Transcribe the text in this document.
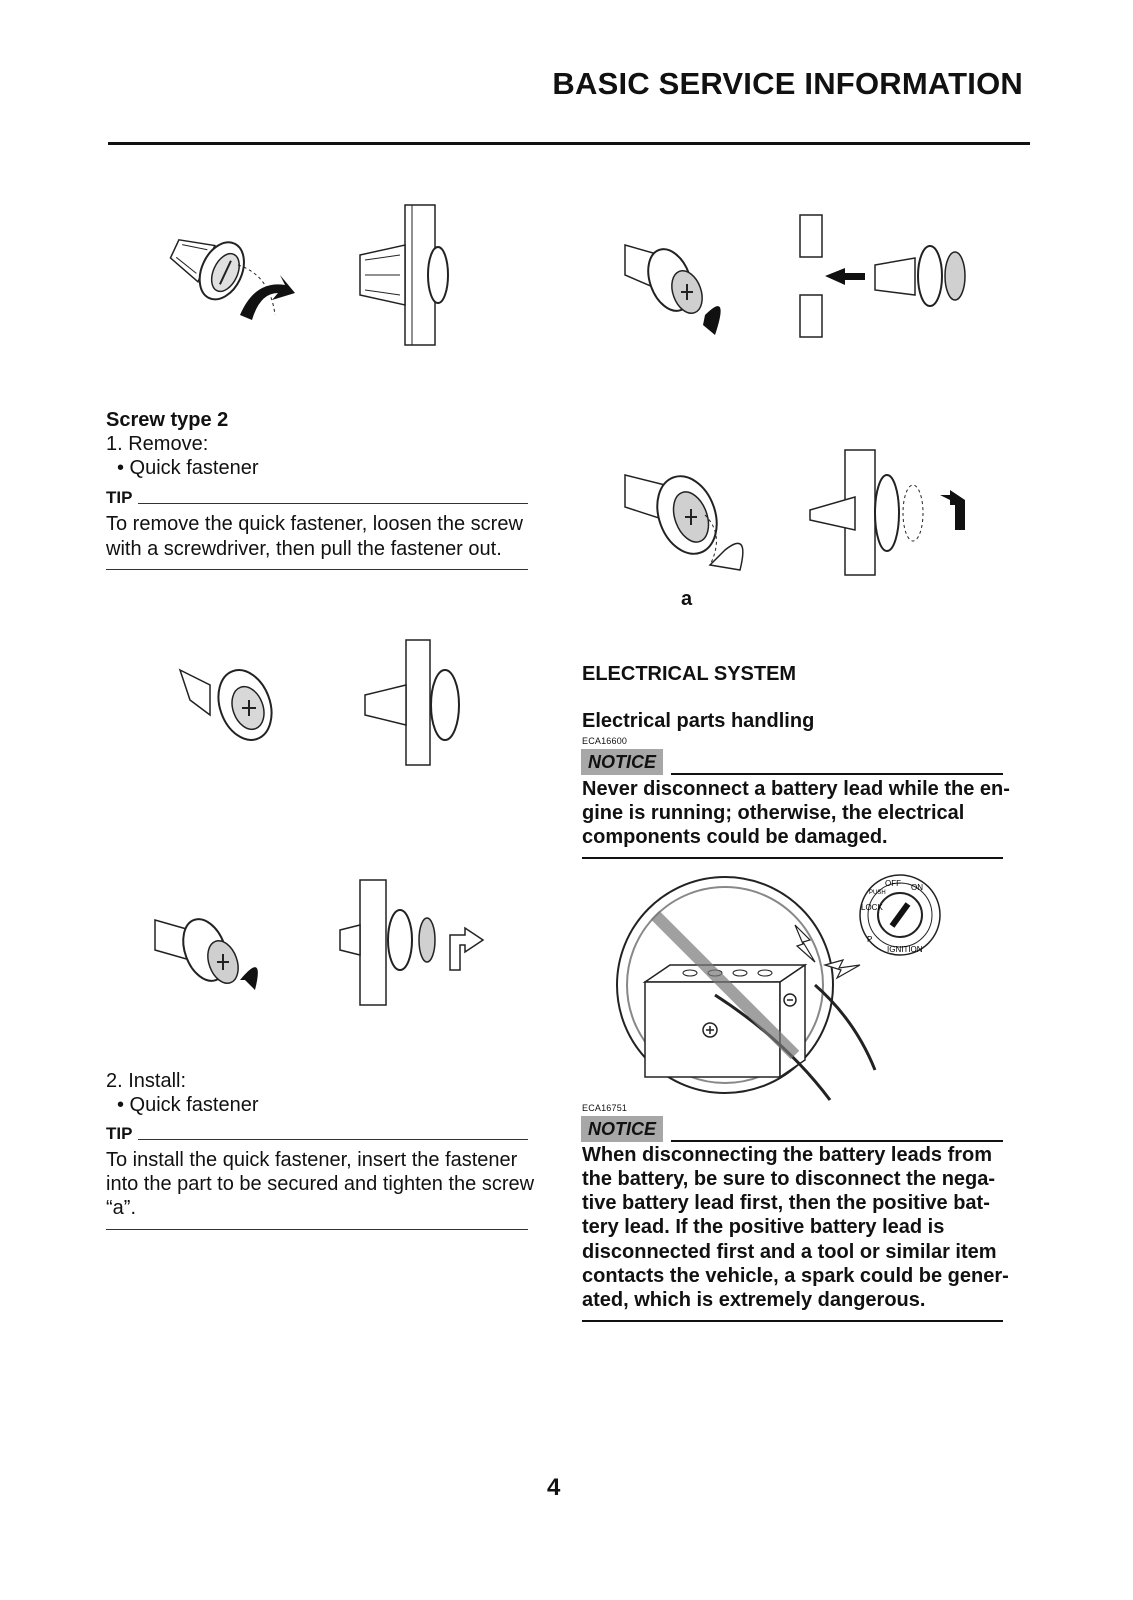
BASIC SERVICE INFORMATION
Screw type 2
1. Remove:
• Quick fastener
TIP
To remove the quick fastener, loosen the screw
with a screwdriver, then pull the fastener out.
2. Install:
• Quick fastener
TIP
To install the quick fastener, insert the fastener
into the part to be secured and tighten the screw
“a”.
a
ELECTRICAL SYSTEM
Electrical parts handling
ECA16600
NOTICE
Never disconnect a battery lead while the en-
gine is running; otherwise, the electrical
components could be damaged.
OFF ON
LOCK
PUSH
P
IGNITION
ECA16751
NOTICE
When disconnecting the battery leads from
the battery, be sure to disconnect the nega-
tive battery lead first, then the positive bat-
tery lead. If the positive battery lead is
disconnected first and a tool or similar item
contacts the vehicle, a spark could be gener-
ated, which is extremely dangerous.
4
